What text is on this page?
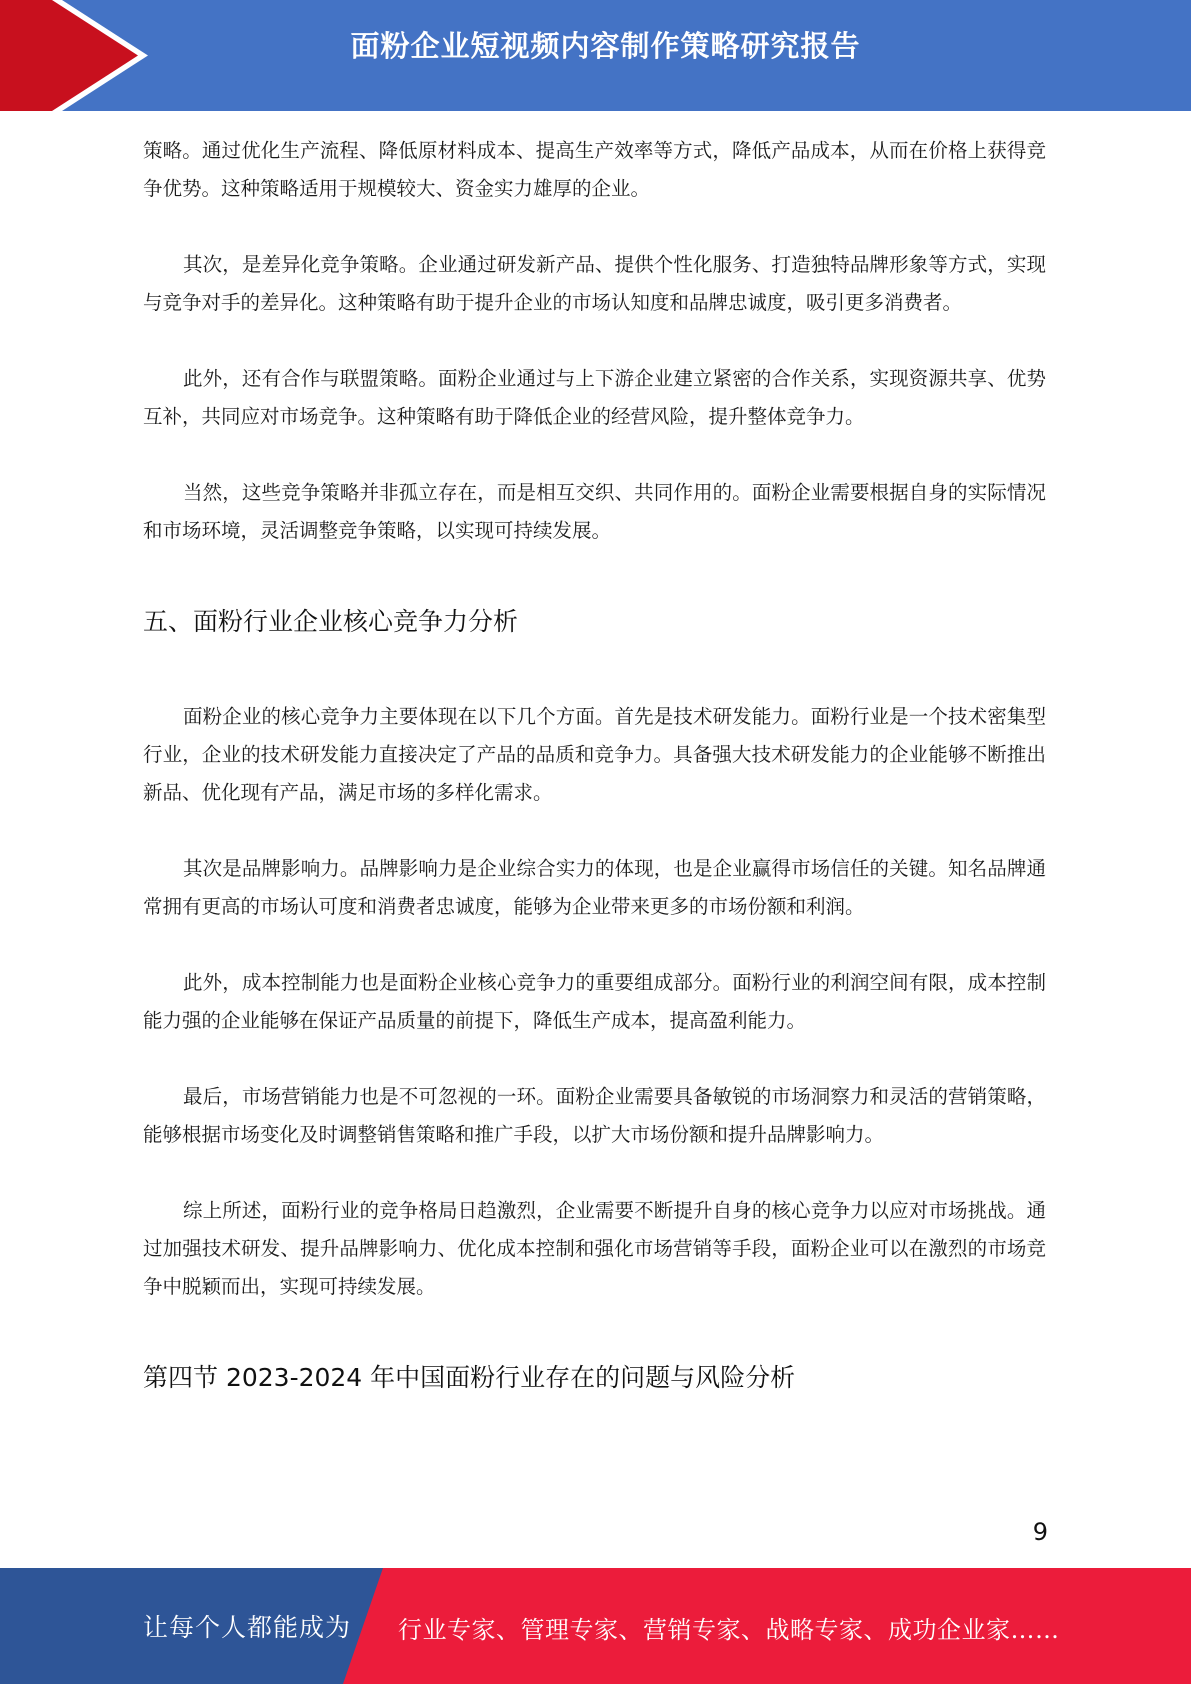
面粉企业短视频内容制作策略研究报告

策略。通过优化生产流程、降低原材料成本、提高生产效率等方式，降低产品成本，从而在价格上获得竞争优势。这种策略适用于规模较大、资金实力雄厚的企业。

其次，是差异化竞争策略。企业通过研发新产品、提供个性化服务、打造独特品牌形象等方式，实现与竞争对手的差异化。这种策略有助于提升企业的市场认知度和品牌忠诚度，吸引更多消费者。

此外，还有合作与联盟策略。面粉企业通过与上下游企业建立紧密的合作关系，实现资源共享、优势互补，共同应对市场竞争。这种策略有助于降低企业的经营风险，提升整体竞争力。

当然，这些竞争策略并非孤立存在，而是相互交织、共同作用的。面粉企业需要根据自身的实际情况和市场环境，灵活调整竞争策略，以实现可持续发展。

五、面粉行业企业核心竞争力分析

面粉企业的核心竞争力主要体现在以下几个方面。首先是技术研发能力。面粉行业是一个技术密集型行业，企业的技术研发能力直接决定了产品的品质和竞争力。具备强大技术研发能力的企业能够不断推出新品、优化现有产品，满足市场的多样化需求。

其次是品牌影响力。品牌影响力是企业综合实力的体现，也是企业赢得市场信任的关键。知名品牌通常拥有更高的市场认可度和消费者忠诚度，能够为企业带来更多的市场份额和利润。

此外，成本控制能力也是面粉企业核心竞争力的重要组成部分。面粉行业的利润空间有限，成本控制能力强的企业能够在保证产品质量的前提下，降低生产成本，提高盈利能力。

最后，市场营销能力也是不可忽视的一环。面粉企业需要具备敏锐的市场洞察力和灵活的营销策略，能够根据市场变化及时调整销售策略和推广手段，以扩大市场份额和提升品牌影响力。

综上所述，面粉行业的竞争格局日趋激烈，企业需要不断提升自身的核心竞争力以应对市场挑战。通过加强技术研发、提升品牌影响力、优化成本控制和强化市场营销等手段，面粉企业可以在激烈的市场竞争中脱颖而出，实现可持续发展。

第四节 2023-2024 年中国面粉行业存在的问题与风险分析
9
让每个人都能成为 行业专家、管理专家、营销专家、战略专家、成功企业家……
